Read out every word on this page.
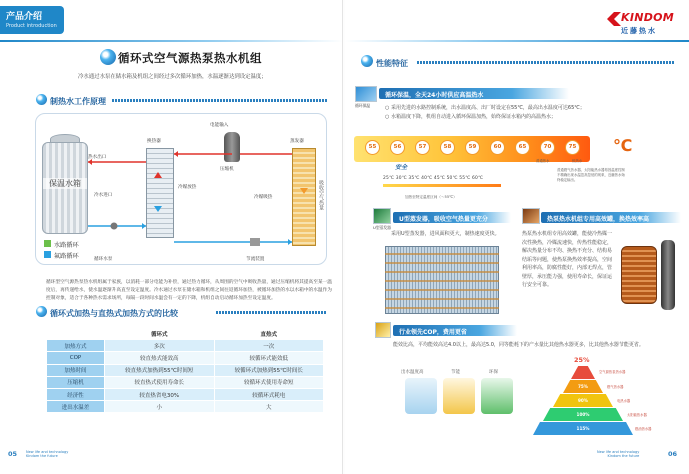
产品介绍
Product introduction
循环式空气源热泵热水机组
冷水通过水泵在储水箱及机组之间经过多次循环加热，水温逐渐达到设定温度；
制热水工作原理
保温水箱
换热器
压缩机
电能输入
蒸发器
吸收空气热量
热水出口
冷水进口
冷媒放热
冷媒吸热
循环水泵	节流装置
水路循环
氟路循环
循环型空气源热泵热水机组属于家族，以消耗一部分电能为补偿，通过热力循环，从周围的空气中吸收热量，通过压缩机将其提高至某一温度后，再传递给水，使水温逐渐升高直至设定温度。冷水通过水泵在储水箱和机组之间往返循环加热，被循环加热的水以水箱中的水温作为控制对象，适合于各种热水需求场所，每隔一段时间水温会有一定的下降，机组自动启动循环加热至设定温度。
循环式加热与直热式加热方式的比较
	循环式	直热式
加热方式	多次	一次
COP	较直热式能效高	较循环式能效低
加热时间	较直热式加热到55℃时间短	较循环式加热到55℃时间长
压缩机	较直热式使用寿命长	较循环式使用寿命短
经济性	较直热省电30%	较循环式耗电
进出水温差	小	大
05	New life and technology
Kindom the future
KINDOM
近藤热水
性能特征
循环保温
循环保温，全天24小时供应高温热水
○ 采用先进的水路控制系统，出水温度高、出厂时设定在55℃，最高出水温度可达65℃；
○ 水箱温度下降，机组自动进入循环保温加热，始终保证水箱内的高温热水；
55	56	57	58	59	60	65	70	75 ℃
普通热水	恒热水
安全
25℃ 30℃ 35℃ 40℃ 45℃ 50℃ 55℃ 60℃
加热至特定温度区间（～55℃）
普通燃气热水器、太阳能热水器易因温度控制不精确出现水温忽高忽低的现象，近藤热水始终稳定输出。
U型蒸发器
U型蒸发器，吸收空气热量更充分
采用U型蒸发器，进风面积更大，制热速度更快。
热泵热水机组专用高效罐，换热效率高
热泵热水机组专用高效罐，能使冷热媒一次性换热，冷媒流速快，传热性能稳定，解决热量分布不均、换热不充分、结构易结垢等问题，使热泵换热效率提高，空间利用率高，防腐性能好，内部无焊点，管壁厚，承压能力强，使用寿命长，保证运行安全可靠。
行业领先COP，费用更省
能效比高，平均能效高达4.0以上，最高达5.0，同等能耗下的产水量比其他热水器更多，比其他热水器节能更省。
出水温度高	节能	环保
25%
空气源热泵热水器
75%	燃气热水器
90%	电热水器
100%	太阳能热水器
115%	燃油热水器
New life and technology
Kindom the future	06
